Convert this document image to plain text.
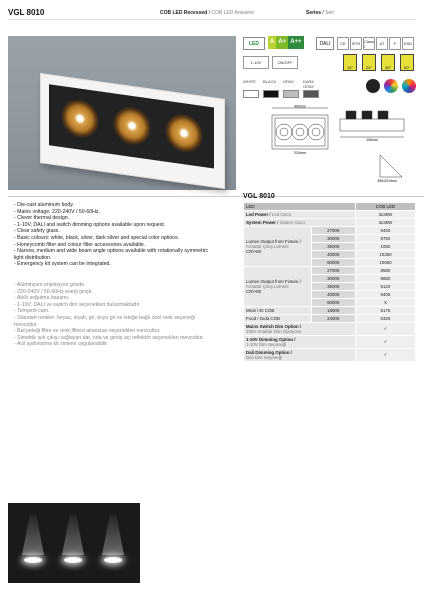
VGL 8010	COB LED Recessed / COB LED Ankastre	Series / Seri
LED	A A+ A++	DALI	CE	IP20 Class I	ΔT	F	ESD
1-10V	ON/OFF
15°	24°	36°	60°
WHITE	BLACK	GRAY	DARK GRAY
400mm
220mm
130mm
390x210mm
- Die-cast aluminum body.
- Mains voltage: 220-240V / 50-60Hz.
- Clever thermal design.
- 1-10V, DALI and switch dimming options available upon request.
- Clear safety glass.
- Basic colours: white, black, silver, dark silver and special color options.
- Honeycomb filter and colour filter accessories available.
- Narrow, medium and wide beam angle options available with rotationally symmetric
light distribution.
- Emergency kit system can be integrated.
- Alüminyum enjeksiyon gövde.
- 220-240V / 50-60Hz enerji girişli.
- Akıllı soğutma basamı.
- 1-10V, DALI ve switch dim seçenekleri bulunmaktadır.
- Temperli cam.
- Standart renkler: beyaz, siyah, gri, koyu gri ve isteğe bağlı özel renk seçeneği
mevcuttur.
- Bal peteği filtre ve renk filtresi aksesuar seçenekleri mevcuttur.
- Simetrik ışık çıkışı sağlayan dar, orta ve geniş açı reflektör seçenekleri mevcuttur.
- Acil aydınlatma kit sistemi uygulanabilir.
VGL 8010
LED		COB LED
Led Power / Led Gücü		3x38W
System Power / Sistem Gücü		3x38W
Lumen Output from Fixture /
Armatür Çıkış Lümeni
CRI>80	2700K	9450
	3000K	9750
	3500K	1050
	4000K	10350
	5000K	10650
Lumen Output from Fixture /
Armatür Çıkış Lümeni
CRI>90	2700K	8580
	3000K	8850
	3500K	9120
	4000K	9405
	5000K	X
Meat / Et COB	1800K	5175
Food / Gıda COB	2400K	5325
Mains Switch Dim Option /
230V Anahtar Dim Opsiyonu		✓
1-10V Dimming Option /
1-10V Dim Seçeneği		✓
Dali Dimming Option /
Dali Dim Seçeneği		✓
